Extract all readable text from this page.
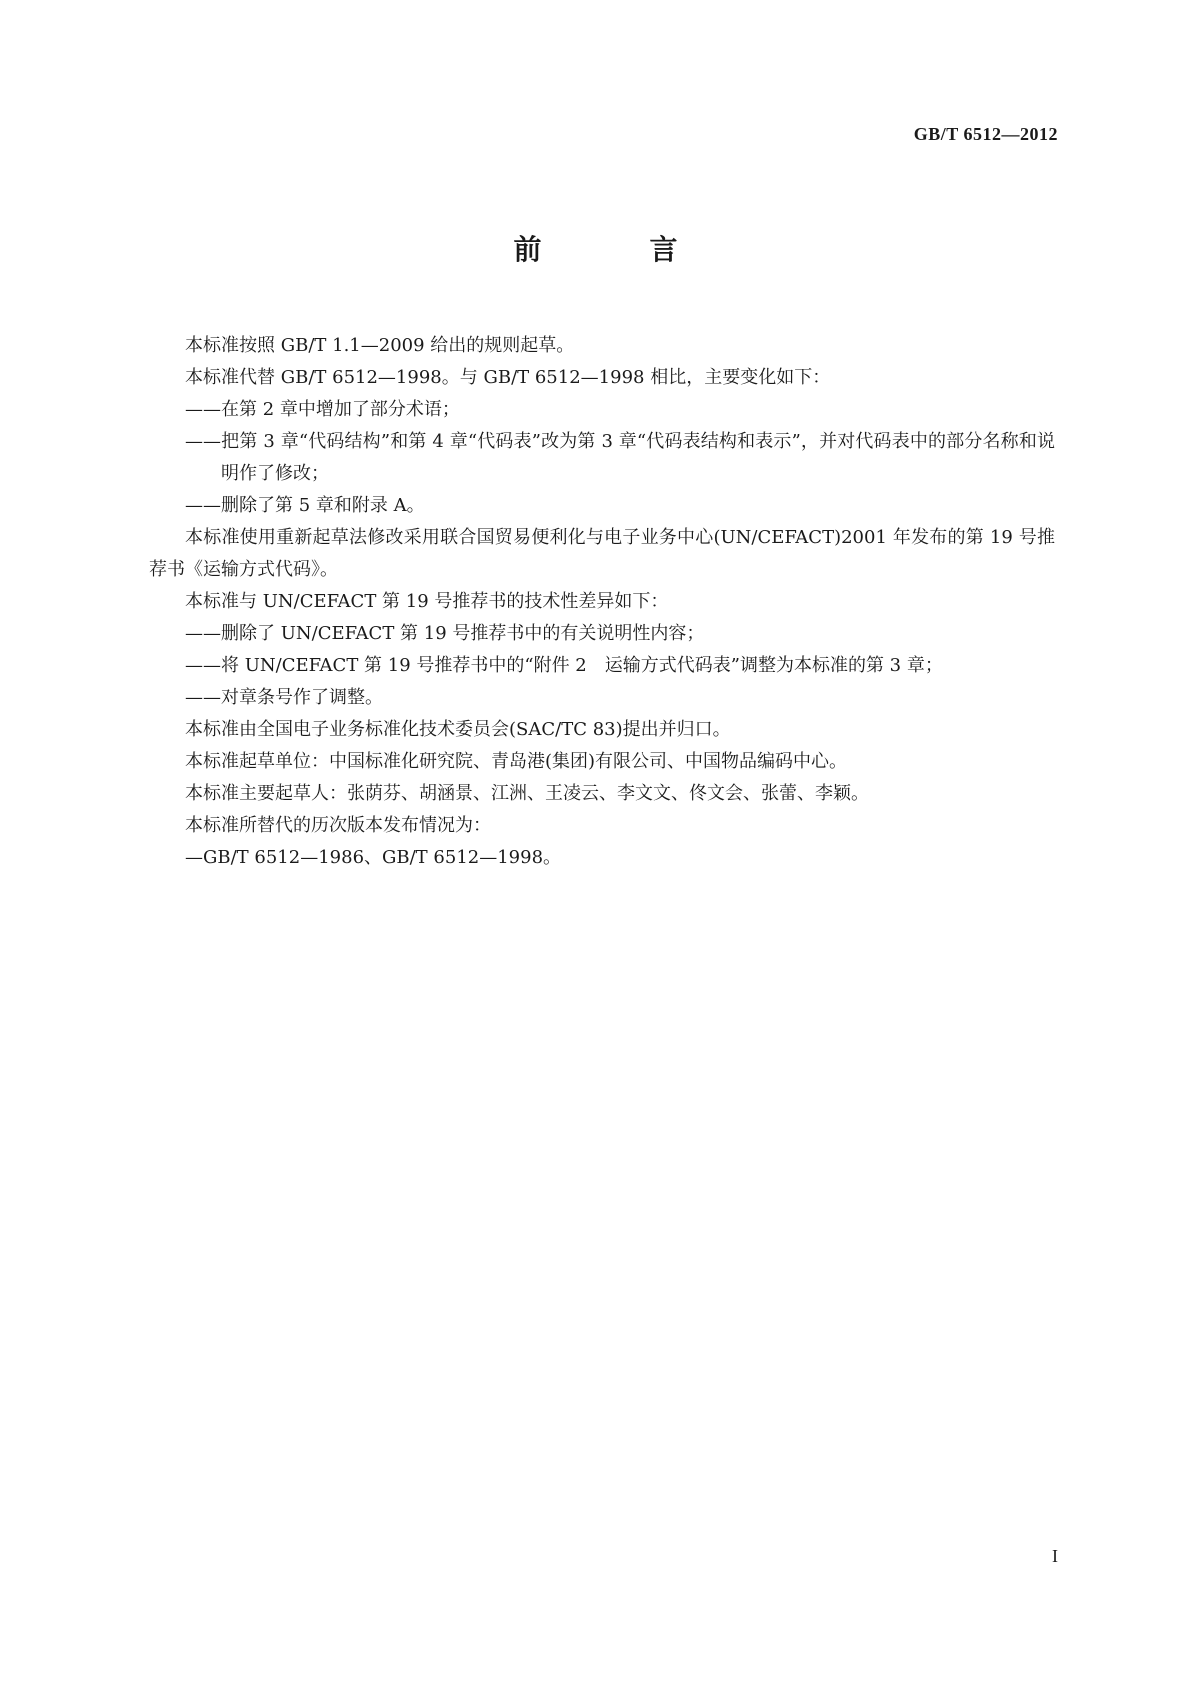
GB/T 6512—2012
前　言

本标准按照 GB/T 1.1—2009 给出的规则起草。

本标准代替 GB/T 6512—1998。与 GB/T 6512—1998 相比，主要变化如下：

——在第 2 章中增加了部分术语；

——把第 3 章“代码结构”和第 4 章“代码表”改为第 3 章“代码表结构和表示”，并对代码表中的部分名称和说明作了修改；

——删除了第 5 章和附录 A。

本标准使用重新起草法修改采用联合国贸易便利化与电子业务中心(UN/CEFACT)2001 年发布的第 19 号推荐书《运输方式代码》。

本标准与 UN/CEFACT 第 19 号推荐书的技术性差异如下：

——删除了 UN/CEFACT 第 19 号推荐书中的有关说明性内容；

——将 UN/CEFACT 第 19 号推荐书中的“附件 2　运输方式代码表”调整为本标准的第 3 章；

——对章条号作了调整。

本标准由全国电子业务标准化技术委员会(SAC/TC 83)提出并归口。

本标准起草单位：中国标准化研究院、青岛港(集团)有限公司、中国物品编码中心。

本标准主要起草人：张荫芬、胡涵景、江洲、王凌云、李文文、佟文会、张蕾、李颖。

本标准所替代的历次版本发布情况为：

—GB/T 6512—1986、GB/T 6512—1998。

I
